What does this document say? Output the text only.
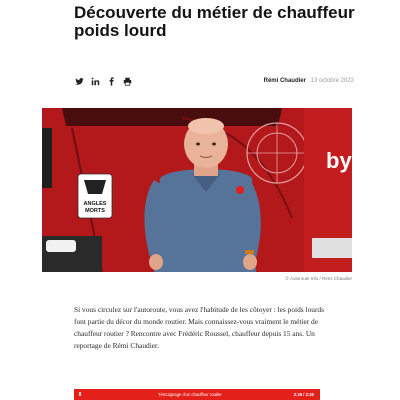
Découverte du métier de chauffeur poids lourd
Rémi Chaudier 13 octobre 2022
ANGLES
MORTS
by
© Autoroute Info / Rémi Chaudier

Si vous circulez sur l'autoroute, vous avez l'habitude de les côtoyer : les poids lourds font partie du décor du monde routier. Mais connaissez-vous vraiment le métier de chauffeur routier ? Rencontre avec Frédéric Roussel, chauffeur depuis 15 ans. Un reportage de Rémi Chaudier.

II	Témoignage d'un chauffeur routier	2:26 / 2:26
